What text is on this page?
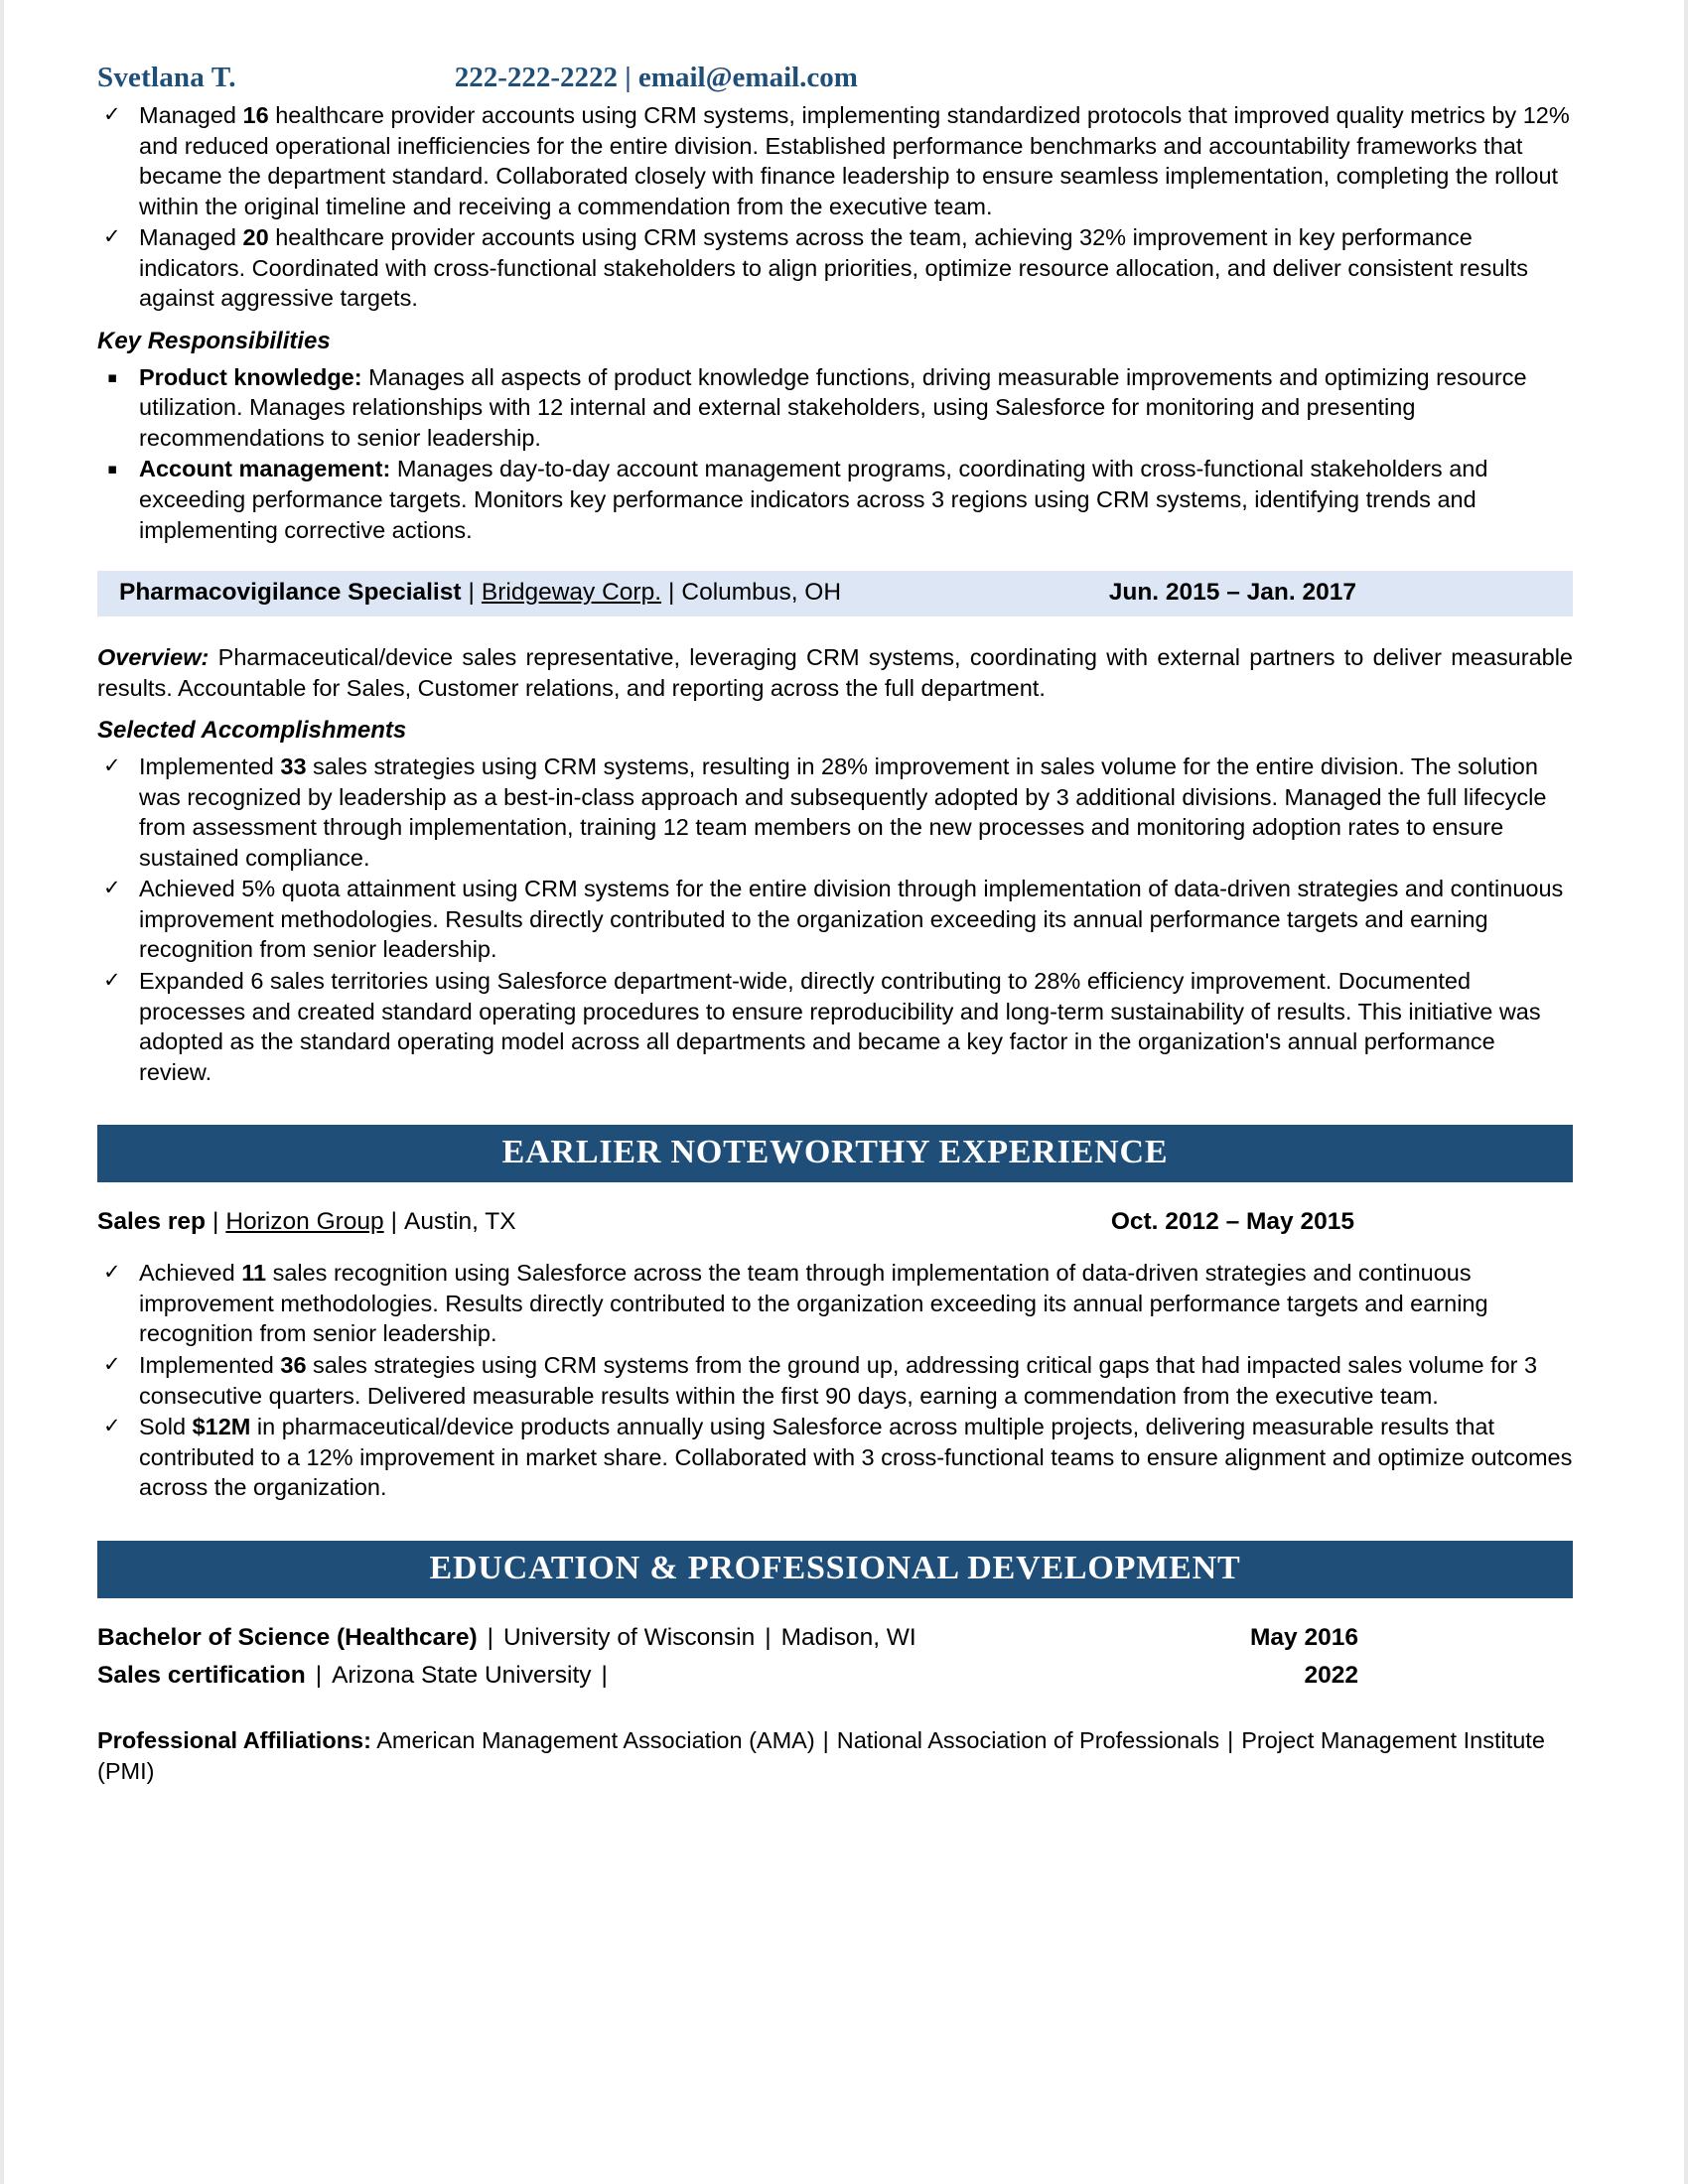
Svetlana T.	222-222-2222 | email@email.com
✓ Managed 16 healthcare provider accounts using CRM systems, implementing standardized protocols that improved quality metrics by 12% and reduced operational inefficiencies for the entire division. Established performance benchmarks and accountability frameworks that became the department standard. Collaborated closely with finance leadership to ensure seamless implementation, completing the rollout within the original timeline and receiving a commendation from the executive team.

✓ Managed 20 healthcare provider accounts using CRM systems across the team, achieving 32% improvement in key performance indicators. Coordinated with cross-functional stakeholders to align priorities, optimize resource allocation, and deliver consistent results against aggressive targets.

Key Responsibilities
▪ Product knowledge: Manages all aspects of product knowledge functions, driving measurable improvements and optimizing resource utilization. Manages relationships with 12 internal and external stakeholders, using Salesforce for monitoring and presenting recommendations to senior leadership.

▪ Account management: Manages day-to-day account management programs, coordinating with cross-functional stakeholders and exceeding performance targets. Monitors key performance indicators across 3 regions using CRM systems, identifying trends and implementing corrective actions.

Pharmacovigilance Specialist | Bridgeway Corp. | Columbus, OH	Jun. 2015 – Jan. 2017

Overview: Pharmaceutical/device sales representative, leveraging CRM systems, coordinating with external partners to deliver measurable results. Accountable for Sales, Customer relations, and reporting across the full department.

Selected Accomplishments
✓ Implemented 33 sales strategies using CRM systems, resulting in 28% improvement in sales volume for the entire division. The solution was recognized by leadership as a best-in-class approach and subsequently adopted by 3 additional divisions. Managed the full lifecycle from assessment through implementation, training 12 team members on the new processes and monitoring adoption rates to ensure sustained compliance.

✓ Achieved 5% quota attainment using CRM systems for the entire division through implementation of data-driven strategies and continuous improvement methodologies. Results directly contributed to the organization exceeding its annual performance targets and earning recognition from senior leadership.

✓ Expanded 6 sales territories using Salesforce department-wide, directly contributing to 28% efficiency improvement. Documented processes and created standard operating procedures to ensure reproducibility and long-term sustainability of results. This initiative was adopted as the standard operating model across all departments and became a key factor in the organization's annual performance review.

EARLIER NOTEWORTHY EXPERIENCE
Sales rep | Horizon Group | Austin, TX	Oct. 2012 – May 2015
✓ Achieved 11 sales recognition using Salesforce across the team through implementation of data-driven strategies and continuous improvement methodologies. Results directly contributed to the organization exceeding its annual performance targets and earning recognition from senior leadership.

✓ Implemented 36 sales strategies using CRM systems from the ground up, addressing critical gaps that had impacted sales volume for 3 consecutive quarters. Delivered measurable results within the first 90 days, earning a commendation from the executive team.

✓ Sold $12M in pharmaceutical/device products annually using Salesforce across multiple projects, delivering measurable results that contributed to a 12% improvement in market share. Collaborated with 3 cross-functional teams to ensure alignment and optimize outcomes across the organization.

EDUCATION & PROFESSIONAL DEVELOPMENT
Bachelor of Science (Healthcare) | University of Wisconsin | Madison, WI	May 2016
Sales certification | Arizona State University |	2022

Professional Affiliations: American Management Association (AMA) | National Association of Professionals | Project Management Institute (PMI)
